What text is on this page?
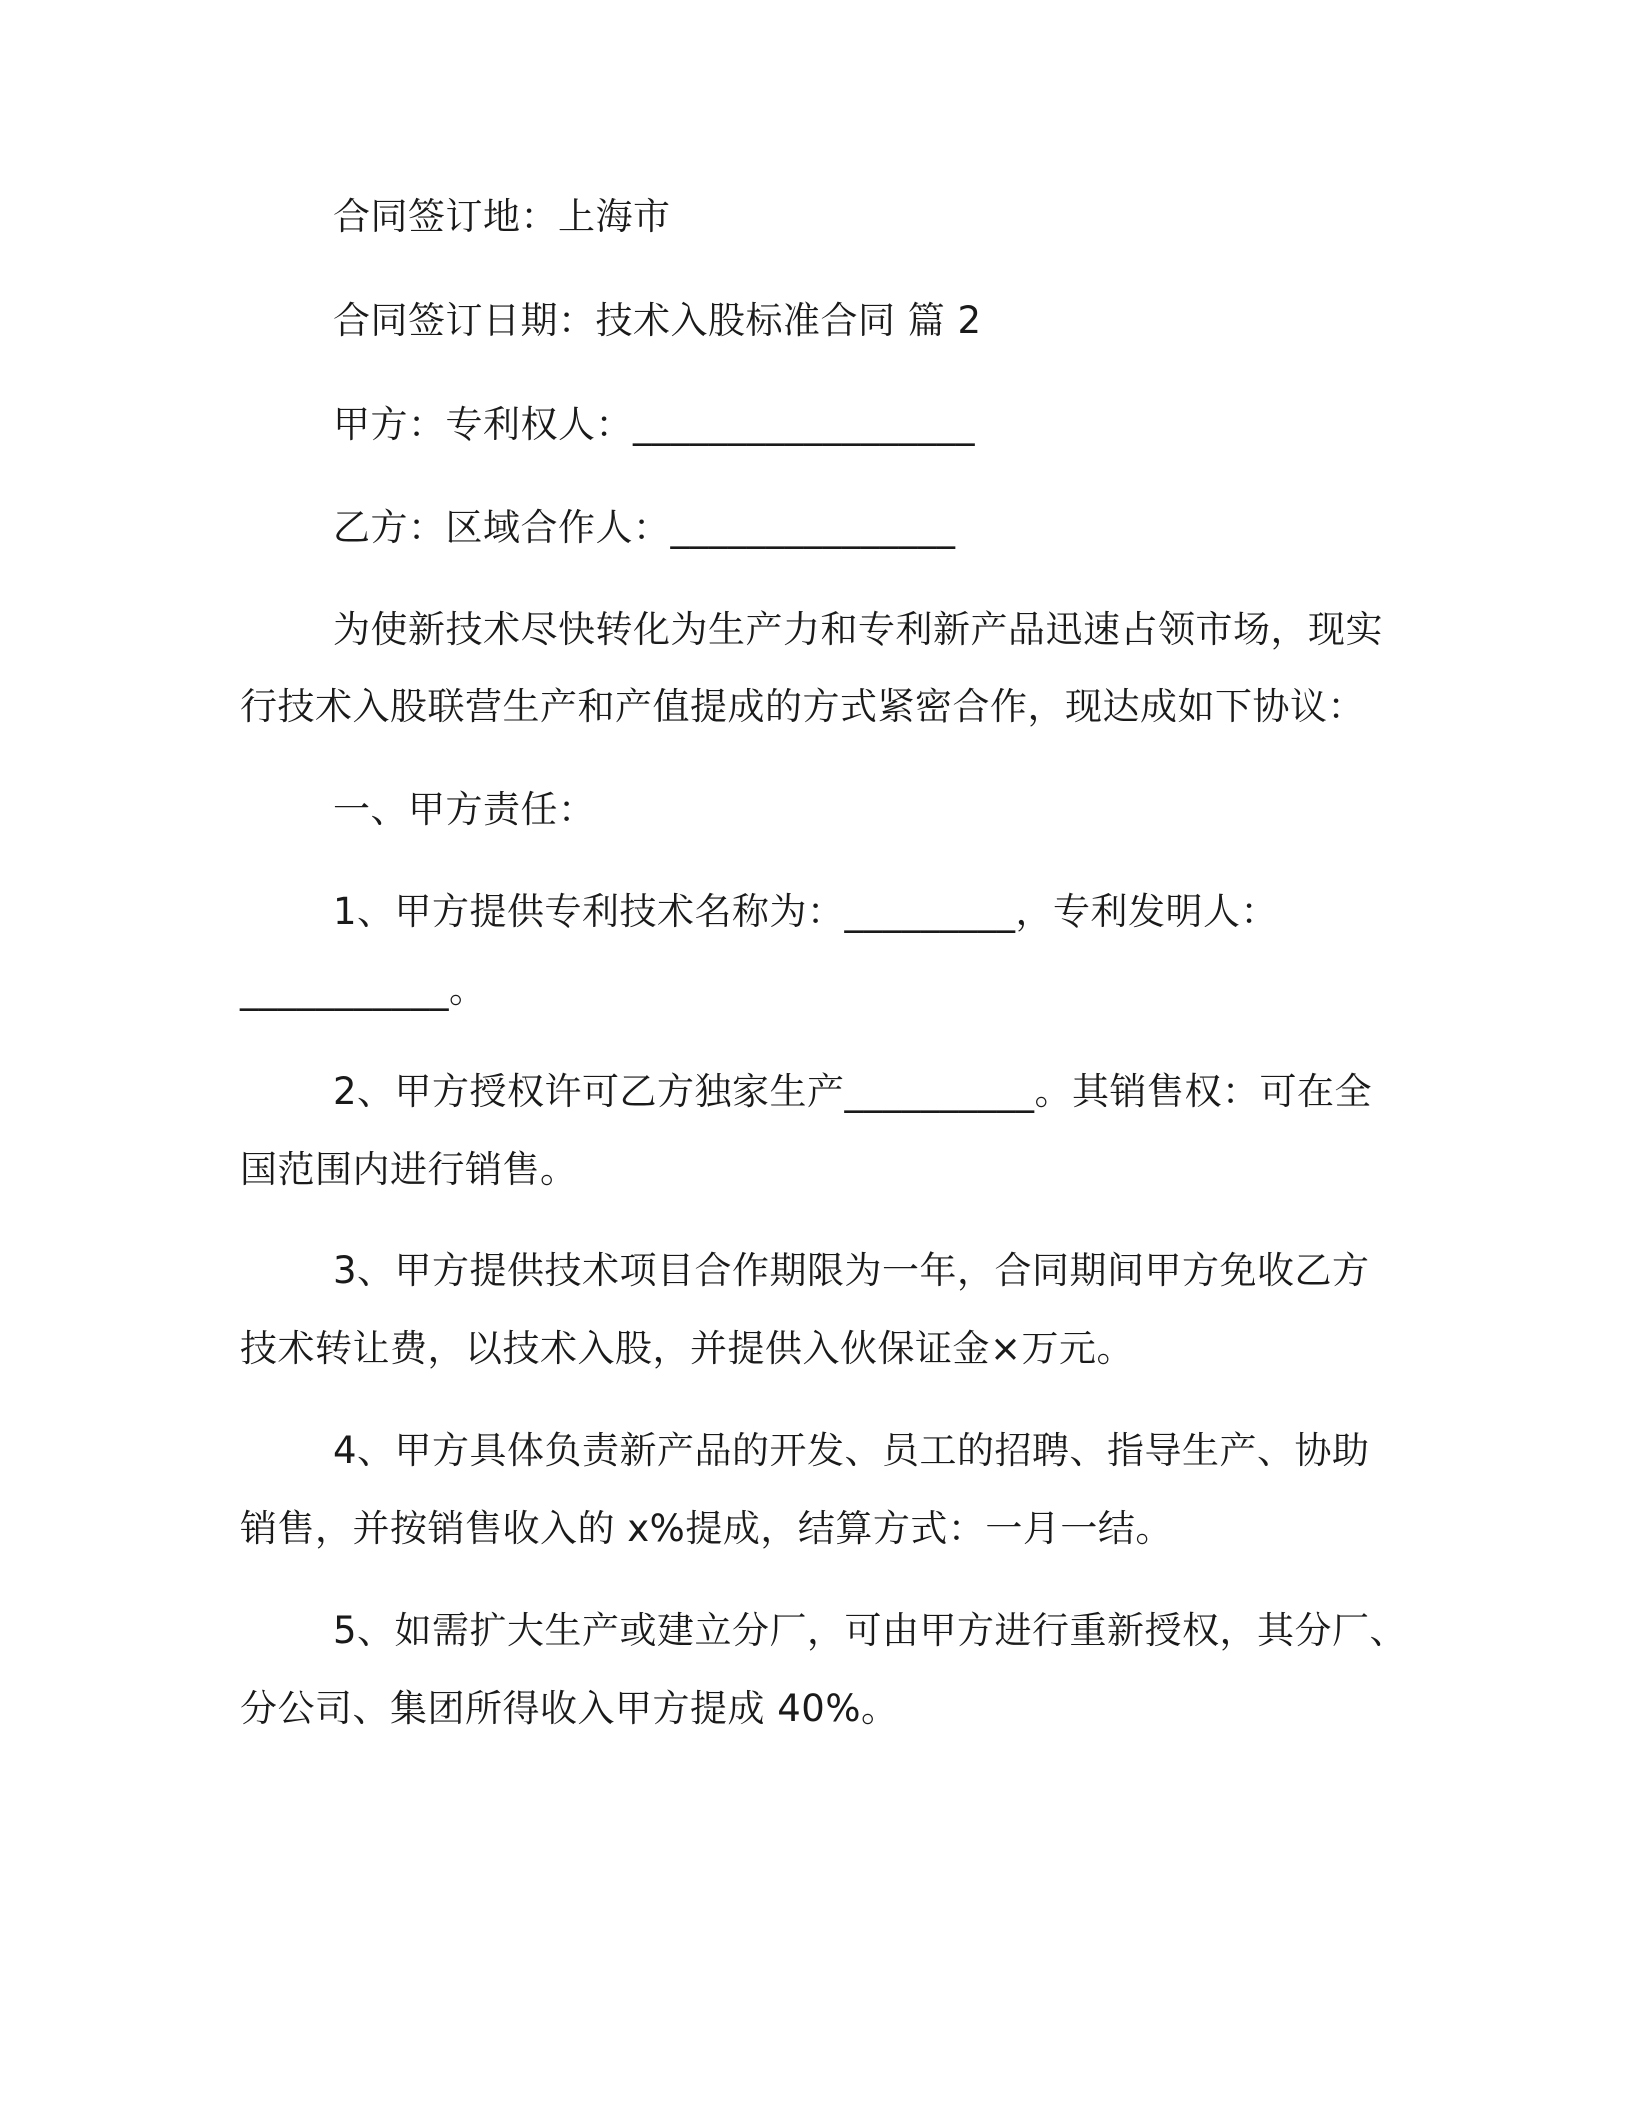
合同签订地：上海市
合同签订日期：技术入股标准合同 篇 2
甲方：专利权人：__________________
乙方：区域合作人：_______________
为使新技术尽快转化为生产力和专利新产品迅速占领市场，现实
行技术入股联营生产和产值提成的方式紧密合作，现达成如下协议：
一、甲方责任：
1、甲方提供专利技术名称为：_________，专利发明人：
___________。
2、甲方授权许可乙方独家生产__________。其销售权：可在全
国范围内进行销售。
3、甲方提供技术项目合作期限为一年，合同期间甲方免收乙方
技术转让费，以技术入股，并提供入伙保证金×万元。
4、甲方具体负责新产品的开发、员工的招聘、指导生产、协助
销售，并按销售收入的 x%提成，结算方式：一月一结。
5、如需扩大生产或建立分厂，可由甲方进行重新授权，其分厂、
分公司、集团所得收入甲方提成 40%。
